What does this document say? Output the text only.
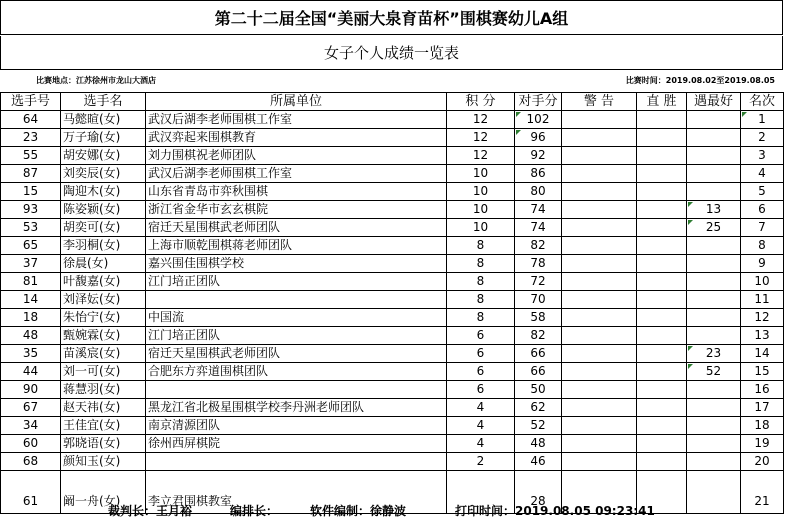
第二十二届全国“美丽大泉育苗杯”围棋赛幼儿A组
女子个人成绩一览表
比赛地点：江苏徐州市龙山大酒店	比赛时间：2019.08.02至2019.08.05
选手号	选手名	所属单位	积 分	对手分	警 告	直 胜	遇最好	名次
64	马懿暄(女)	武汉后湖李老师围棋工作室	12	102				1
23	万子瑜(女)	武汉弈起来围棋教育	12	96				2
55	胡安娜(女)	刘力围棋祝老师团队	12	92				3
87	刘奕辰(女)	武汉后湖李老师围棋工作室	10	86				4
15	陶迎木(女)	山东省青岛市弈秋围棋	10	80				5
93	陈姿颖(女)	浙江省金华市玄玄棋院	10	74			13	6
53	胡奕可(女)	宿迁天星围棋武老师团队	10	74			25	7
65	李羽桐(女)	上海市顺乾围棋蒋老师团队	8	82				8
37	徐晨(女)	嘉兴围佳围棋学校	8	78				9
81	叶馥嘉(女)	江门培正团队	8	72				10
14	刘泽妘(女)		8	70				11
18	朱怡宁(女)	中国流	8	58				12
48	甄婉霖(女)	江门培正团队	6	82				13
35	苗溪宸(女)	宿迁天星围棋武老师团队	6	66			23	14
44	刘一可(女)	合肥东方弈道围棋团队	6	66			52	15
90	蒋慧羽(女)		6	50				16
67	赵天祎(女)	黑龙江省北极星围棋学校李丹洲老师团队	4	62				17
34	王佳宜(女)	南京清源团队	4	52				18
60	郭晓语(女)	徐州西屏棋院	4	48				19
68	颜知玉(女)		2	46				20
61	阚一舟(女)	李立君围棋教室		28				21
裁判长：王月裕	编排长：	软件编制：徐静波	打印时间：2019.08.05 09:23:41
